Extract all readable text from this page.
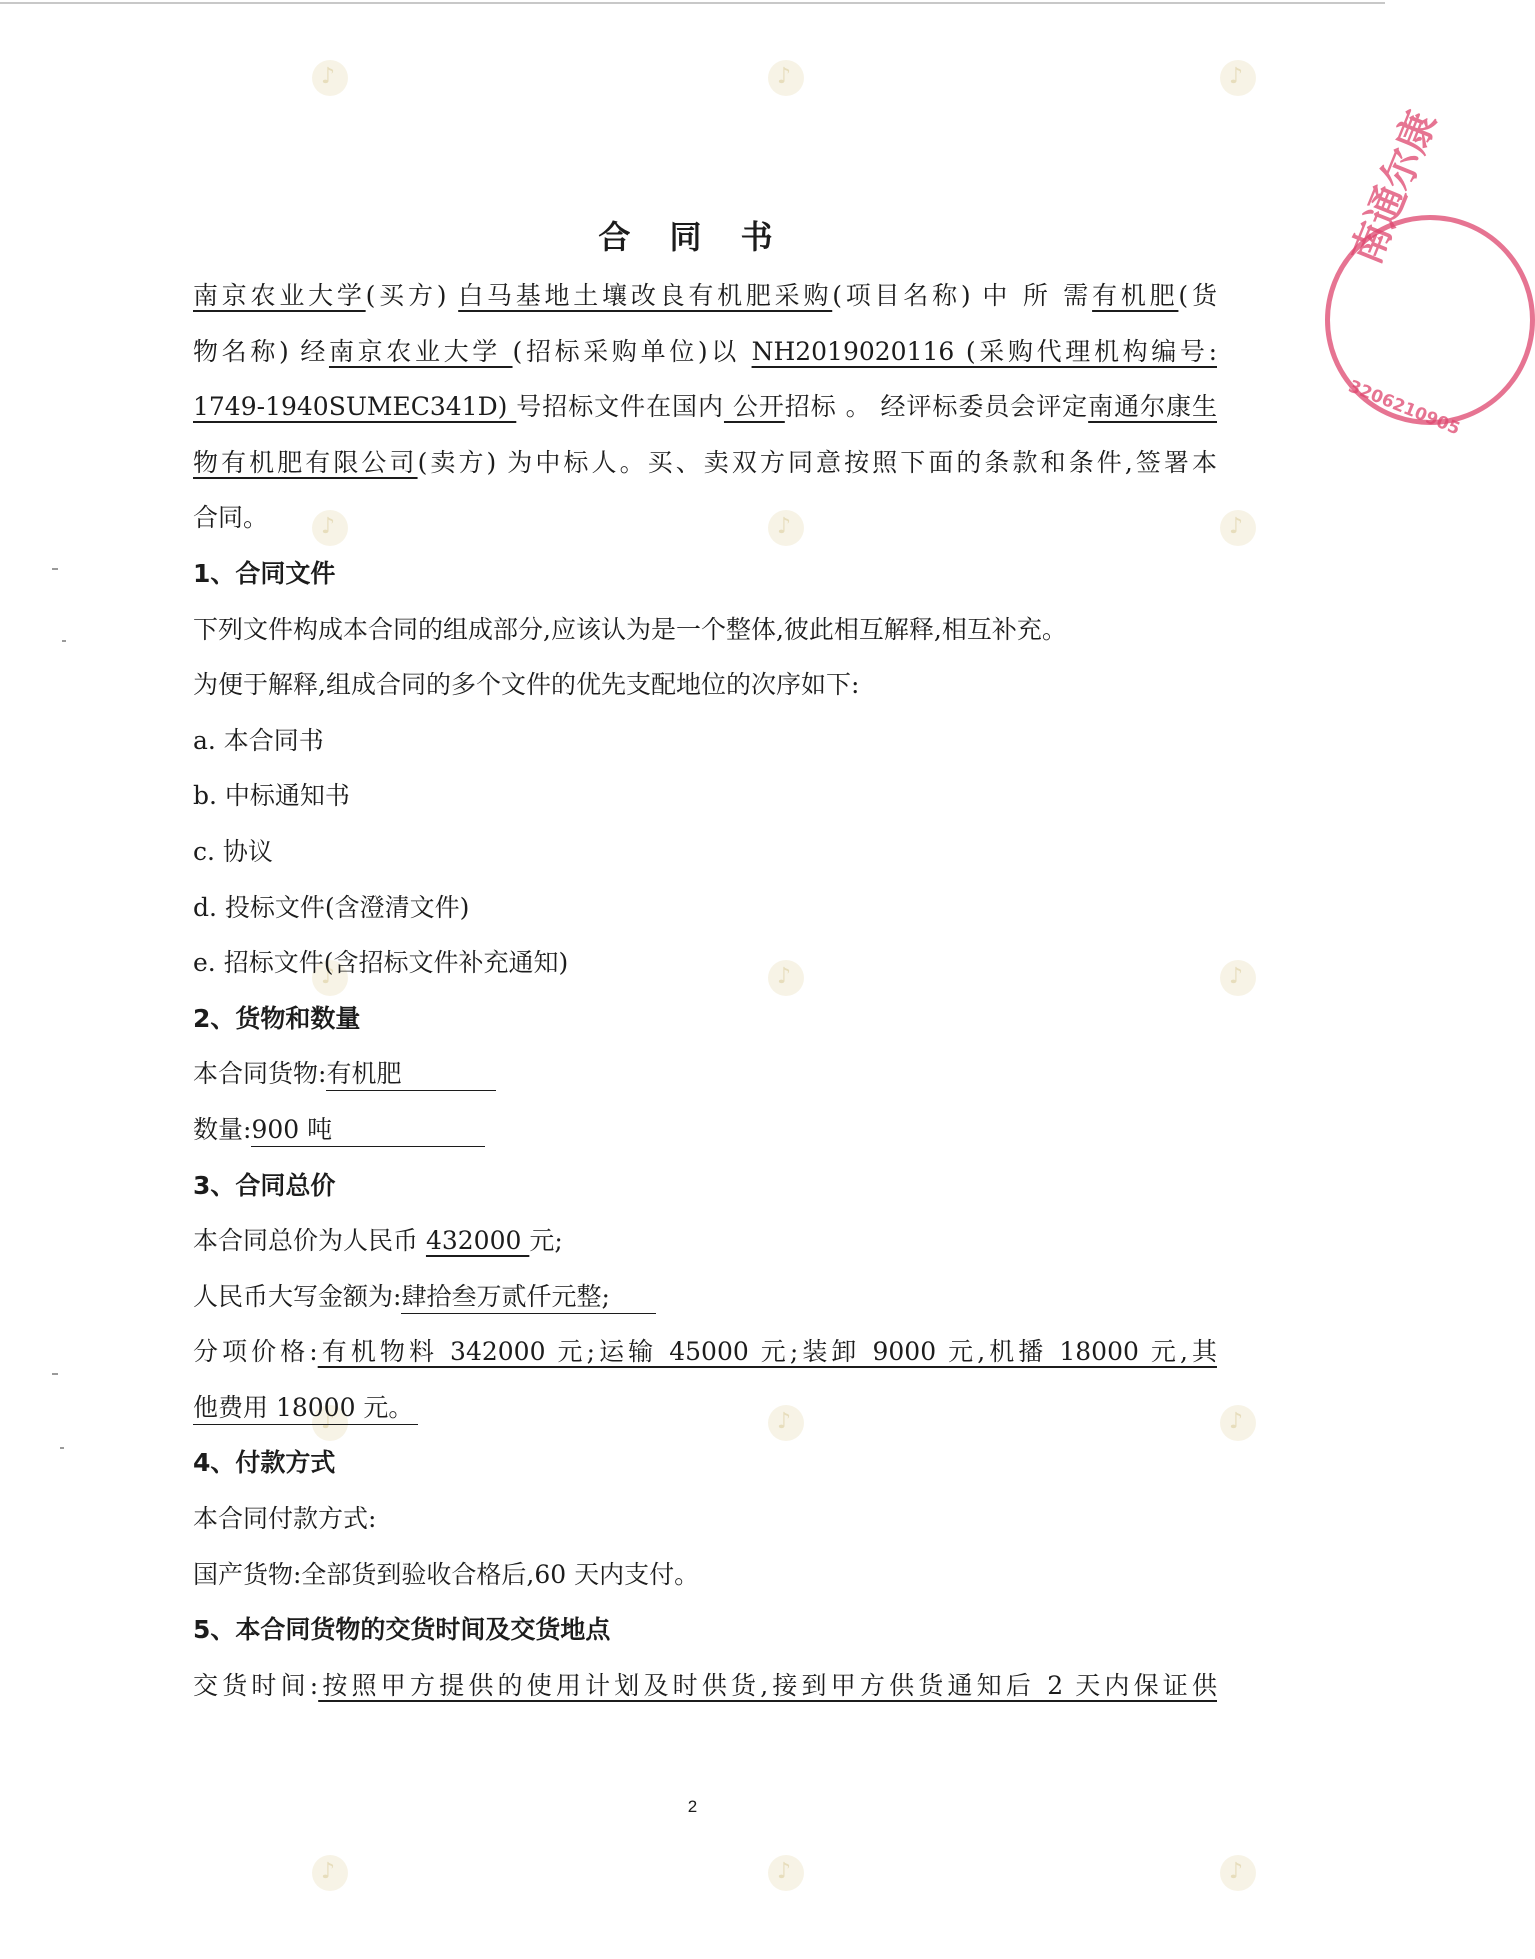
♪
♪
♪
♪
♪
♪
♪
♪
♪
♪
♪
♪
♪
♪
♪
南通尔康
3206210905
合 同 书
南京农业大学(买方) 白马基地土壤改良有机肥采购(项目名称) 中 所 需有机肥(货
物名称) 经南京农业大学 (招标采购单位)以 NH2019020116 (采购代理机构编号:
1749-1940SUMEC341D) 号招标文件在国内 公开招标 。 经评标委员会评定南通尔康生
物有机肥有限公司(卖方) 为中标人。买、卖双方同意按照下面的条款和条件,签署本
合同。
1、合同文件
下列文件构成本合同的组成部分,应该认为是一个整体,彼此相互解释,相互补充。
为便于解释,组成合同的多个文件的优先支配地位的次序如下:
a. 本合同书
b. 中标通知书
c. 协议
d. 投标文件(含澄清文件)
e. 招标文件(含招标文件补充通知)
2、货物和数量
本合同货物:有机肥
数量:900 吨
3、合同总价
本合同总价为人民币 432000 元;
人民币大写金额为:肆拾叁万贰仟元整;
分项价格:有机物料 342000 元;运输 45000 元;装卸 9000 元,机播 18000 元,其
他费用 18000 元。
4、付款方式
本合同付款方式:
国产货物:全部货到验收合格后,60 天内支付。
5、本合同货物的交货时间及交货地点
交货时间:按照甲方提供的使用计划及时供货,接到甲方供货通知后 2 天内保证供
2
